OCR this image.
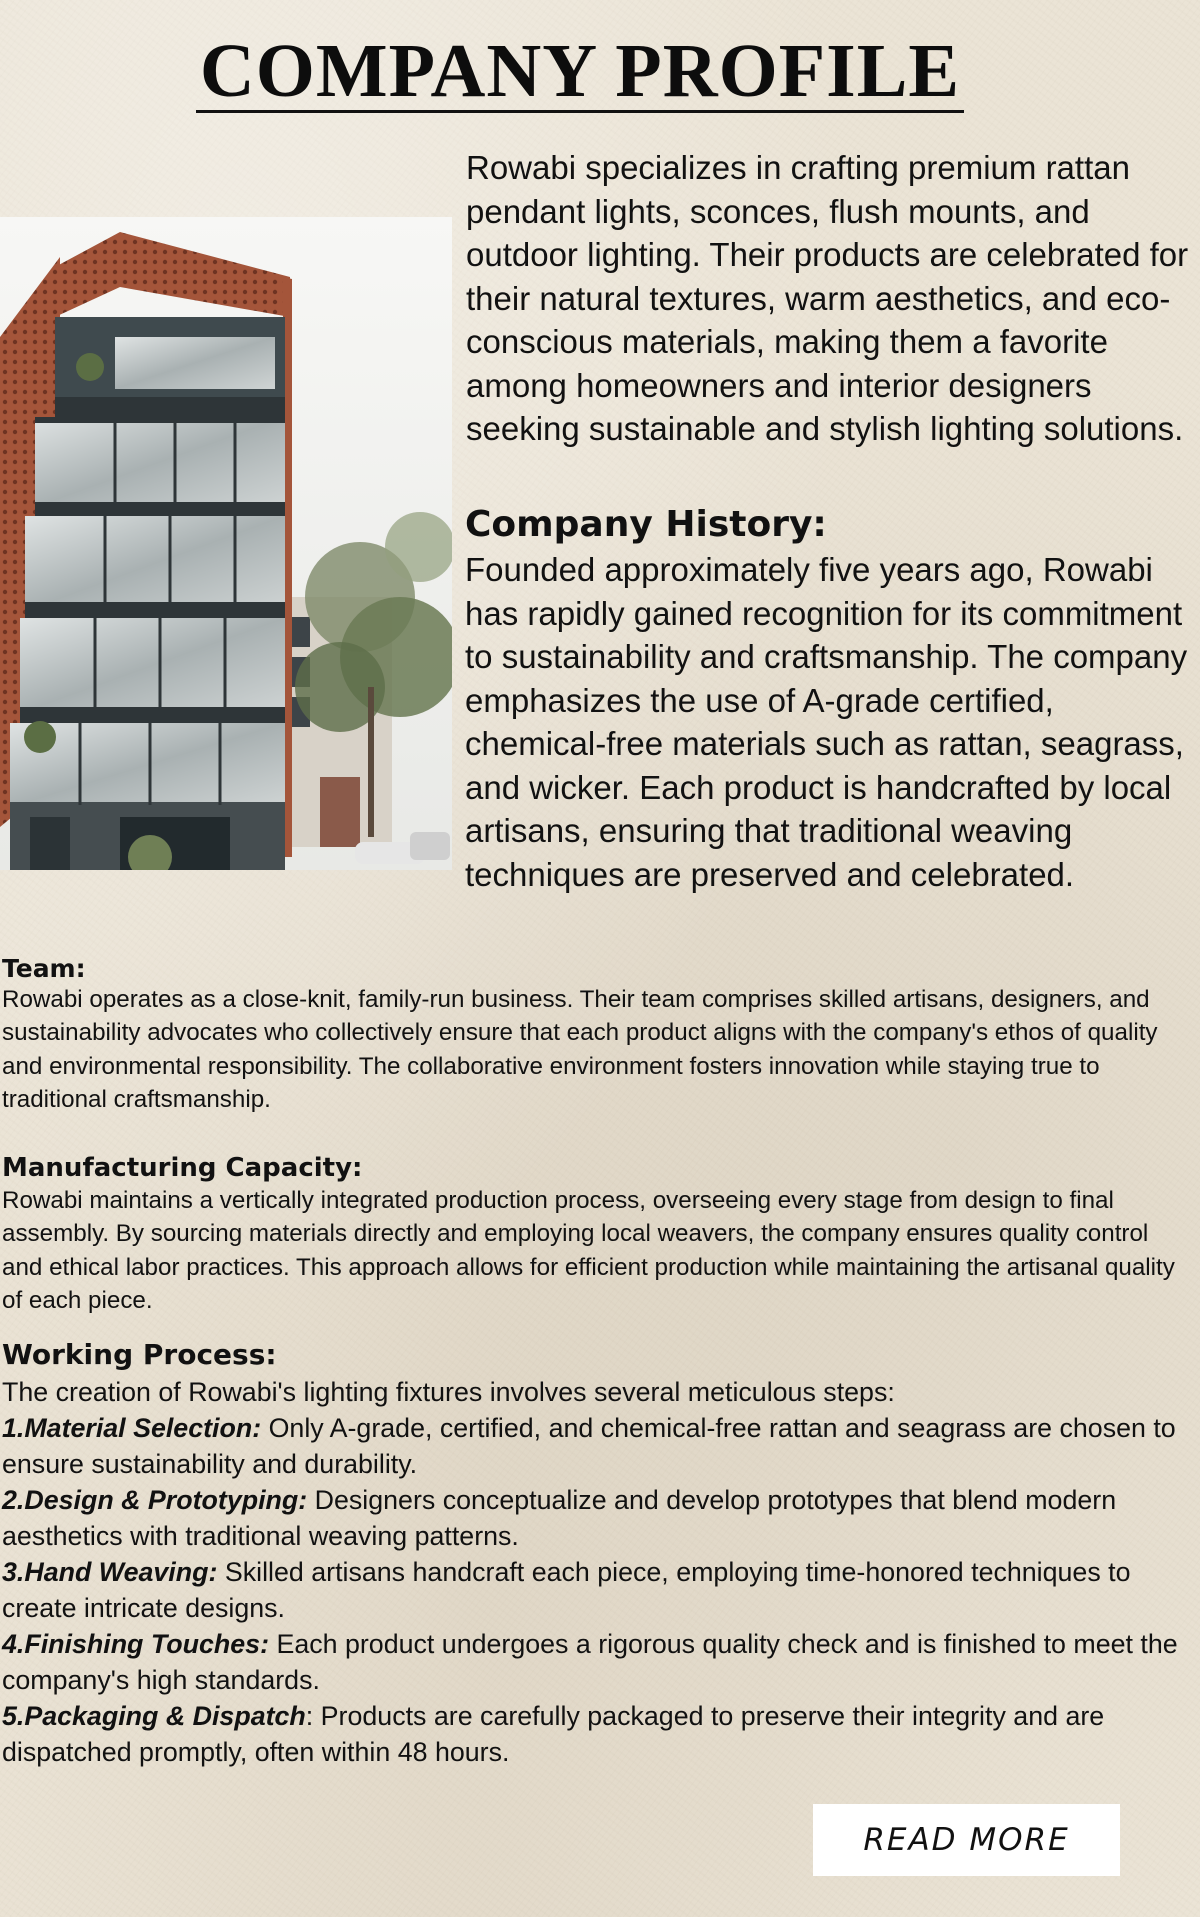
COMPANY PROFILE

Rowabi specializes in crafting premium rattan pendant lights, sconces, flush mounts, and outdoor lighting. Their products are celebrated for their natural textures, warm aesthetics, and eco-conscious materials, making them a favorite among homeowners and interior designers seeking sustainable and stylish lighting solutions.

Company History:

Founded approximately five years ago, Rowabi has rapidly gained recognition for its commitment to sustainability and craftsmanship. The company emphasizes the use of A-grade certified, chemical-free materials such as rattan, seagrass, and wicker. Each product is handcrafted by local artisans, ensuring that traditional weaving techniques are preserved and celebrated.

Team:

Rowabi operates as a close-knit, family-run business. Their team comprises skilled artisans, designers, and sustainability advocates who collectively ensure that each product aligns with the company's ethos of quality and environmental responsibility. The collaborative environment fosters innovation while staying true to traditional craftsmanship.

Manufacturing Capacity:

Rowabi maintains a vertically integrated production process, overseeing every stage from design to final assembly. By sourcing materials directly and employing local weavers, the company ensures quality control and ethical labor practices. This approach allows for efficient production while maintaining the artisanal quality of each piece.

Working Process:

The creation of Rowabi's lighting fixtures involves several meticulous steps:

1.Material Selection: Only A-grade, certified, and chemical-free rattan and seagrass are chosen to ensure sustainability and durability.
2.Design & Prototyping: Designers conceptualize and develop prototypes that blend modern aesthetics with traditional weaving patterns.
3.Hand Weaving: Skilled artisans handcraft each piece, employing time-honored techniques to create intricate designs.
4.Finishing Touches: Each product undergoes a rigorous quality check and is finished to meet the company's high standards.
5.Packaging & Dispatch: Products are carefully packaged to preserve their integrity and are dispatched promptly, often within 48 hours.
READ MORE
